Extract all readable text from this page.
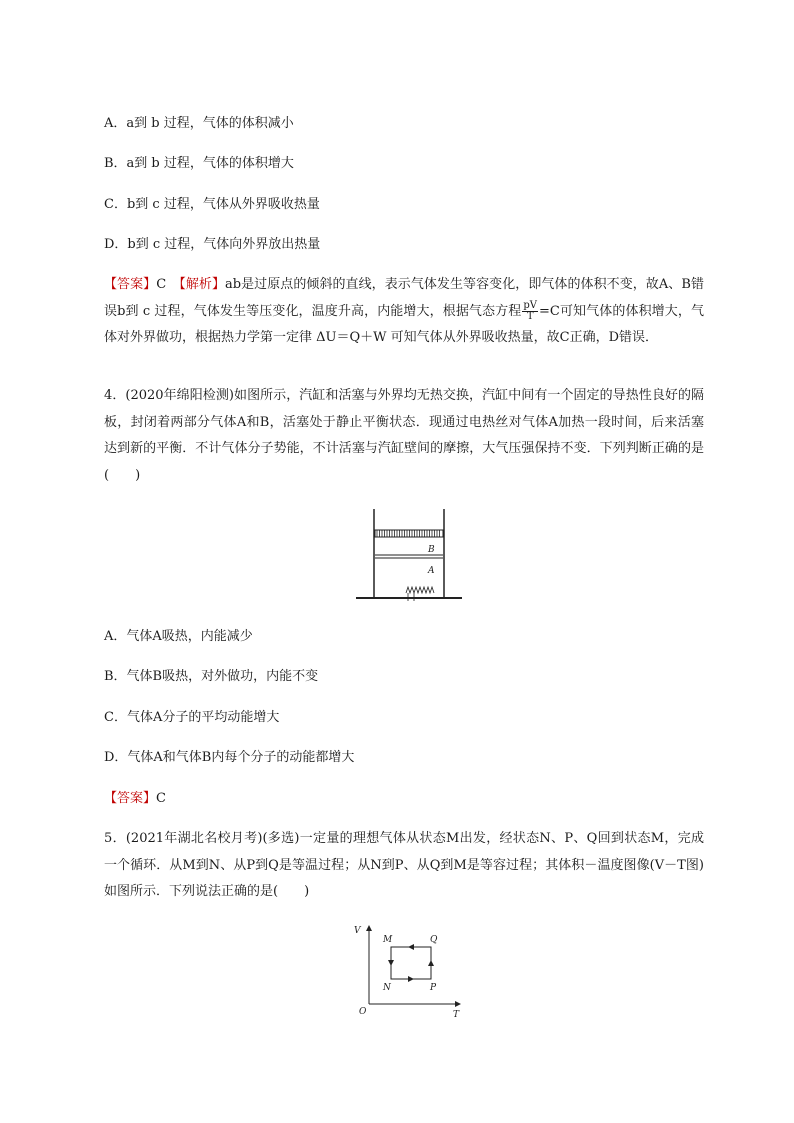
A．a到 b 过程，气体的体积减小
B．a到 b 过程，气体的体积增大
C．b到 c 过程，气体从外界吸收热量
D．b到 c 过程，气体向外界放出热量
【答案】C　 【解析】ab是过原点的倾斜的直线，表示气体发生等容变化，即气体的体积不变，故A、B错误b到 c 过程，气体发生等压变化，温度升高，内能增大，根据气态方程 $\frac{pV}{T} =C$可知气体的体积增大，气体对外界做功，根据热力学第一定律 ΔU＝Q＋W 可知气体从外界吸收热量，故C正确，D错误．
4．(2020年绵阳检测)如图所示，汽缸和活塞与外界均无热交换，汽缸中间有一个固定的导热性良好的隔板，封闭着两部分气体A和B，活塞处于静止平衡状态．现通过电热丝对气体A加热一段时间，后来活塞达到新的平衡．不计气体分子势能，不计活塞与汽缸壁间的摩擦，大气压强保持不变．下列判断正确的是(　　)
B
A
A．气体A吸热，内能减少
B．气体B吸热，对外做功，内能不变
C．气体A分子的平均动能增大
D．气体A和气体B内每个分子的动能都增大
【答案】C
5．(2021年湖北名校月考)(多选)一定量的理想气体从状态M出发，经状态N、P、Q回到状态M，完成一个循环．从M到N、从P到Q是等温过程；从N到P、从Q到M是等容过程；其体积－温度图像(V－T图)如图所示．下列说法正确的是(　　)
V
T
O
M	Q
N	P
